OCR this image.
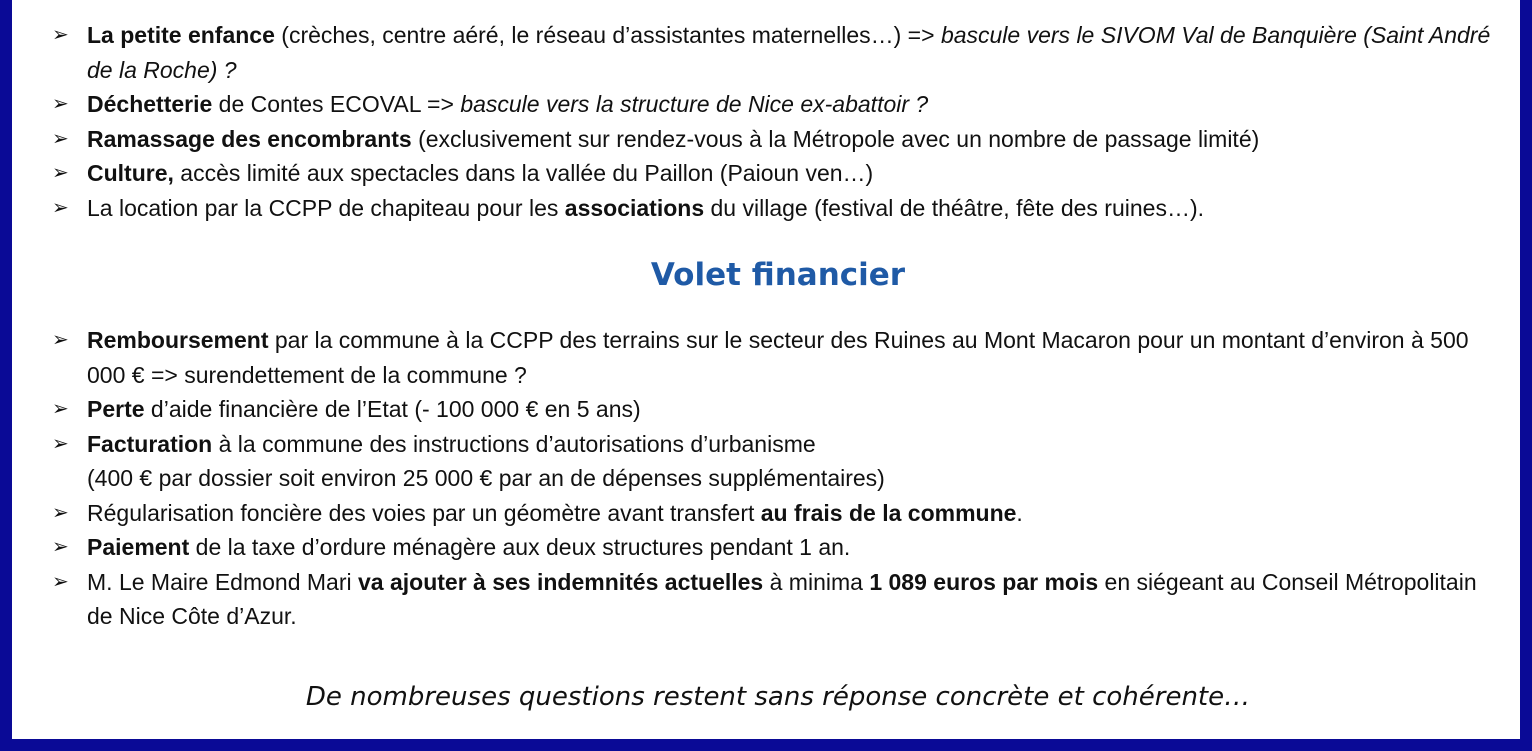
➢ La petite enfance (crèches, centre aéré, le réseau d’assistantes maternelles…) => bascule vers le SIVOM Val de Banquière (Saint André de la Roche) ?
➢ Déchetterie de Contes ECOVAL => bascule vers la structure de Nice ex-abattoir ?
➢ Ramassage des encombrants (exclusivement sur rendez-vous à la Métropole avec un nombre de passage limité)
➢ Culture, accès limité aux spectacles dans la vallée du Paillon (Paioun ven…)
➢ La location par la CCPP de chapiteau pour les associations du village (festival de théâtre, fête des ruines…).
Volet financier
➢ Remboursement par la commune à la CCPP des terrains sur le secteur des Ruines au Mont Macaron pour un montant d’environ à 500 000 € => surendettement de la commune ?
➢ Perte d’aide financière de l’Etat (- 100 000 € en 5 ans)
➢ Facturation à la commune des instructions d’autorisations d’urbanisme
(400 € par dossier soit environ 25 000 € par an de dépenses supplémentaires)
➢ Régularisation foncière des voies par un géomètre avant transfert au frais de la commune.
➢ Paiement de la taxe d’ordure ménagère aux deux structures pendant 1 an.
➢ M. Le Maire Edmond Mari va ajouter à ses indemnités actuelles à minima 1 089 euros par mois en siégeant au Conseil Métropolitain de Nice Côte d’Azur.
De nombreuses questions restent sans réponse concrète et cohérente…
